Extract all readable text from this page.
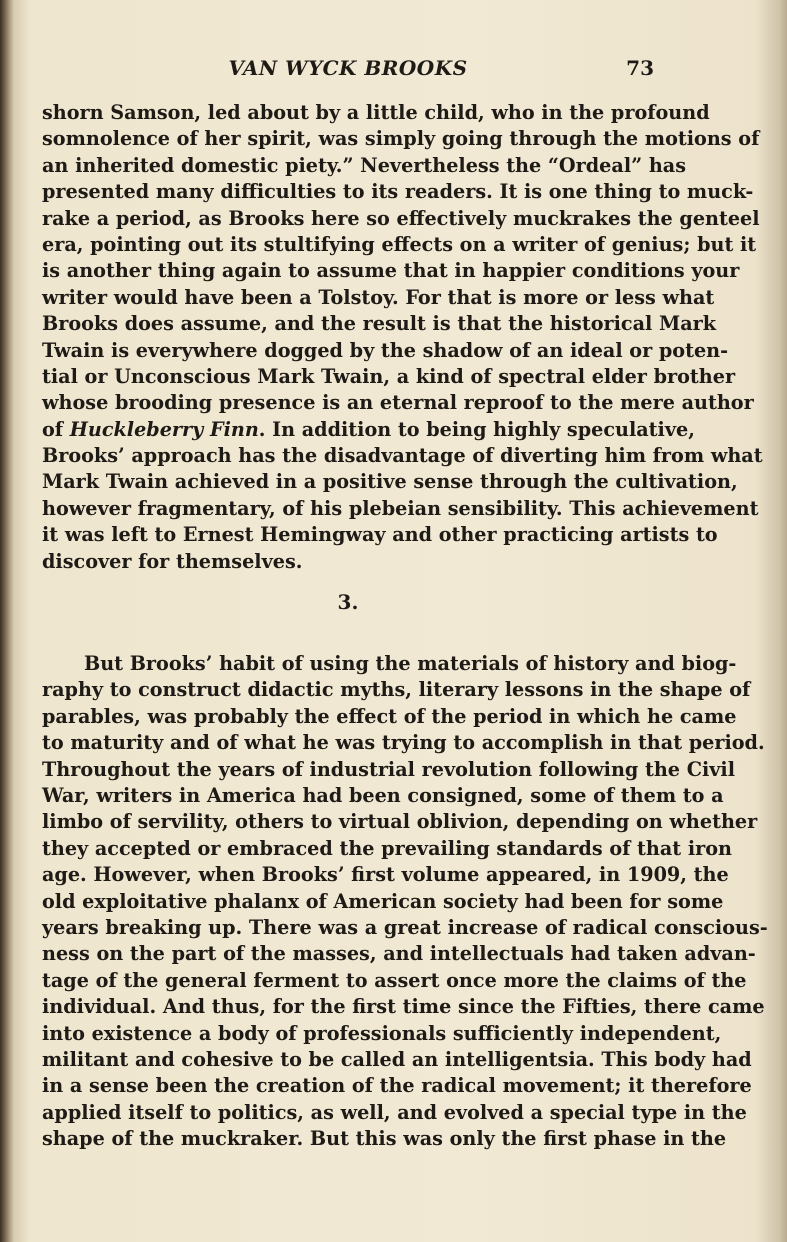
VAN WYCK BROOKS	73
shorn Samson, led about by a little child, who in the profound
somnolence of her spirit, was simply going through the motions of
an inherited domestic piety.” Nevertheless the “Ordeal” has
presented many difficulties to its readers. It is one thing to muck-
rake a period, as Brooks here so effectively muckrakes the genteel
era, pointing out its stultifying effects on a writer of genius; but it
is another thing again to assume that in happier conditions your
writer would have been a Tolstoy. For that is more or less what
Brooks does assume, and the result is that the historical Mark
Twain is everywhere dogged by the shadow of an ideal or poten-
tial or Unconscious Mark Twain, a kind of spectral elder brother
whose brooding presence is an eternal reproof to the mere author
of Huckleberry Finn. In addition to being highly speculative,
Brooks’ approach has the disadvantage of diverting him from what
Mark Twain achieved in a positive sense through the cultivation,
however fragmentary, of his plebeian sensibility. This achievement
it was left to Ernest Hemingway and other practicing artists to
discover for themselves.
3.
But Brooks’ habit of using the materials of history and biog-
raphy to construct didactic myths, literary lessons in the shape of
parables, was probably the effect of the period in which he came
to maturity and of what he was trying to accomplish in that period.
Throughout the years of industrial revolution following the Civil
War, writers in America had been consigned, some of them to a
limbo of servility, others to virtual oblivion, depending on whether
they accepted or embraced the prevailing standards of that iron
age. However, when Brooks’ first volume appeared, in 1909, the
old exploitative phalanx of American society had been for some
years breaking up. There was a great increase of radical conscious-
ness on the part of the masses, and intellectuals had taken advan-
tage of the general ferment to assert once more the claims of the
individual. And thus, for the first time since the Fifties, there came
into existence a body of professionals sufficiently independent,
militant and cohesive to be called an intelligentsia. This body had
in a sense been the creation of the radical movement; it therefore
applied itself to politics, as well, and evolved a special type in the
shape of the muckraker. But this was only the first phase in the
